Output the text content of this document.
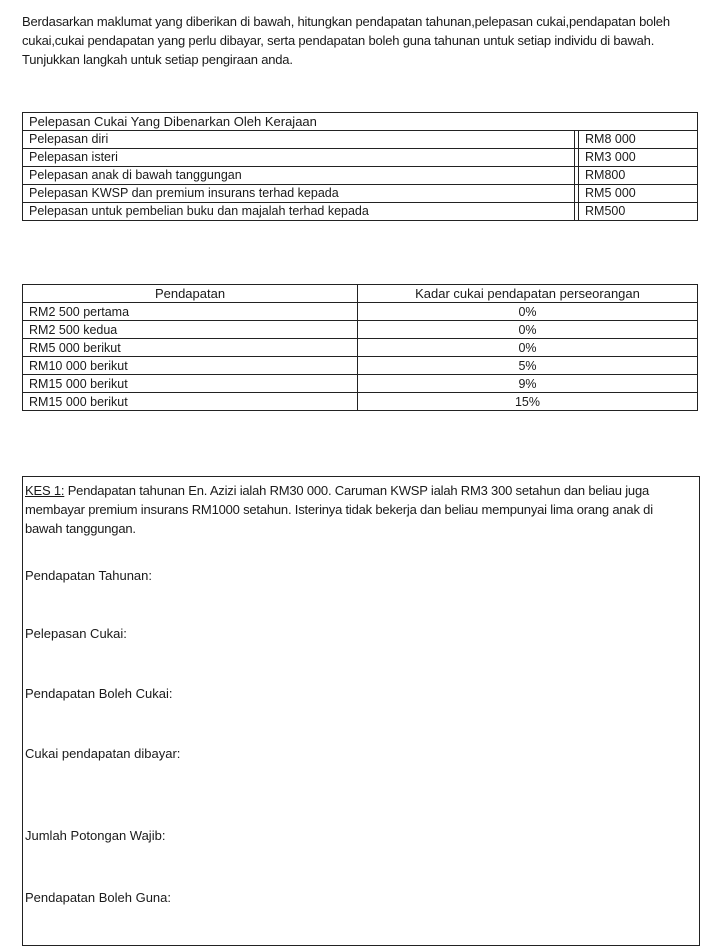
Berdasarkan maklumat yang diberikan di bawah, hitungkan pendapatan tahunan,pelepasan cukai,pendapatan boleh cukai,cukai pendapatan yang perlu dibayar, serta pendapatan boleh guna tahunan untuk setiap individu di bawah. Tunjukkan langkah untuk setiap pengiraan anda.

Pelepasan Cukai Yang Dibenarkan Oleh Kerajaan
Pelepasan diri	RM8 000
Pelepasan isteri	RM3 000
Pelepasan anak di bawah tanggungan	RM800
Pelepasan KWSP dan premium insurans terhad kepada	RM5 000
Pelepasan untuk pembelian buku dan majalah terhad kepada	RM500
Pendapatan	Kadar cukai pendapatan perseorangan
RM2 500 pertama	0%
RM2 500 kedua	0%
RM5 000 berikut	0%
RM10 000 berikut	5%
RM15 000 berikut	9%
RM15 000 berikut	15%
KES 1: Pendapatan tahunan En. Azizi ialah RM30 000. Caruman KWSP ialah RM3 300 setahun dan beliau juga membayar premium insurans RM1000 setahun. Isterinya tidak bekerja dan beliau mempunyai lima orang anak di bawah tanggungan.
Pendapatan Tahunan:
Pelepasan Cukai:
Pendapatan Boleh Cukai:
Cukai pendapatan dibayar:
Jumlah Potongan Wajib:
Pendapatan Boleh Guna:
